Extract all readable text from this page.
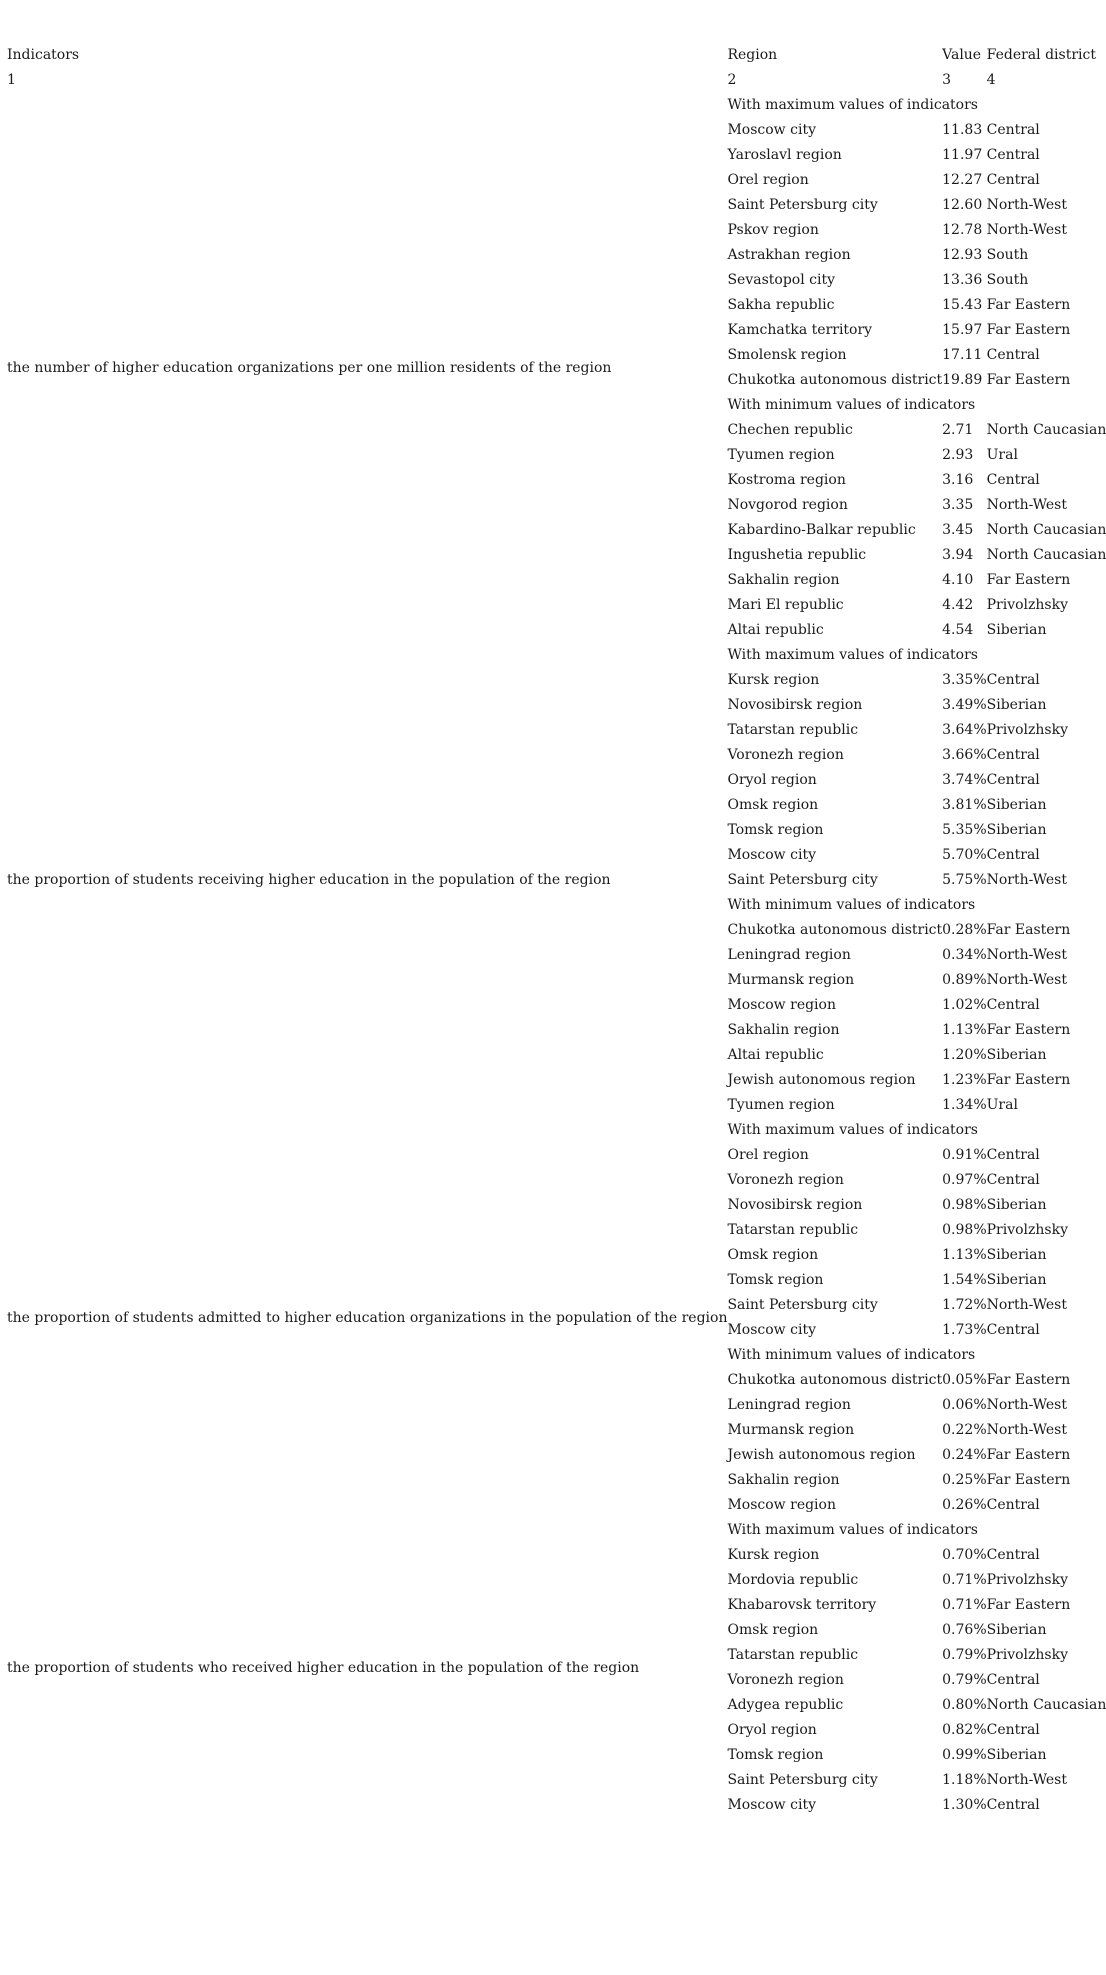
Indicators	Region	Value	Federal district
1	2	3	4
the number of higher education organizations per one million residents of the region	With maximum values of indicators		
	Moscow city	11.83	Central
	Yaroslavl region	11.97	Central
	Orel region	12.27	Central
	Saint Petersburg city	12.60	North-West
	Pskov region	12.78	North-West
	Astrakhan region	12.93	South
	Sevastopol city	13.36	South
	Sakha republic	15.43	Far Eastern
	Kamchatka territory	15.97	Far Eastern
	Smolensk region	17.11	Central
	Chukotka autonomous district	19.89	Far Eastern
	With minimum values of indicators		
	Chechen republic	2.71	North Caucasian
	Tyumen region	2.93	Ural
	Kostroma region	3.16	Central
	Novgorod region	3.35	North-West
	Kabardino-Balkar republic	3.45	North Caucasian
	Ingushetia republic	3.94	North Caucasian
	Sakhalin region	4.10	Far Eastern
	Mari El republic	4.42	Privolzhsky
	Altai republic	4.54	Siberian
the proportion of students receiving higher education in the population of the region	With maximum values of indicators		
	Kursk region	3.35%	Central
	Novosibirsk region	3.49%	Siberian
	Tatarstan republic	3.64%	Privolzhsky
	Voronezh region	3.66%	Central
	Oryol region	3.74%	Central
	Omsk region	3.81%	Siberian
	Tomsk region	5.35%	Siberian
	Moscow city	5.70%	Central
	Saint Petersburg city	5.75%	North-West
	With minimum values of indicators		
	Chukotka autonomous district	0.28%	Far Eastern
	Leningrad region	0.34%	North-West
	Murmansk region	0.89%	North-West
	Moscow region	1.02%	Central
	Sakhalin region	1.13%	Far Eastern
	Altai republic	1.20%	Siberian
	Jewish autonomous region	1.23%	Far Eastern
	Tyumen region	1.34%	Ural
the proportion of students admitted to higher education organizations in the population of the region	With maximum values of indicators		
	Orel region	0.91%	Central
	Voronezh region	0.97%	Central
	Novosibirsk region	0.98%	Siberian
	Tatarstan republic	0.98%	Privolzhsky
	Omsk region	1.13%	Siberian
	Tomsk region	1.54%	Siberian
	Saint Petersburg city	1.72%	North-West
	Moscow city	1.73%	Central
	With minimum values of indicators		
	Chukotka autonomous district	0.05%	Far Eastern
	Leningrad region	0.06%	North-West
	Murmansk region	0.22%	North-West
	Jewish autonomous region	0.24%	Far Eastern
	Sakhalin region	0.25%	Far Eastern
	Moscow region	0.26%	Central
the proportion of students who received higher education in the population of the region	With maximum values of indicators		
	Kursk region	0.70%	Central
	Mordovia republic	0.71%	Privolzhsky
	Khabarovsk territory	0.71%	Far Eastern
	Omsk region	0.76%	Siberian
	Tatarstan republic	0.79%	Privolzhsky
	Voronezh region	0.79%	Central
	Adygea republic	0.80%	North Caucasian
	Oryol region	0.82%	Central
	Tomsk region	0.99%	Siberian
	Saint Petersburg city	1.18%	North-West
	Moscow city	1.30%	Central
